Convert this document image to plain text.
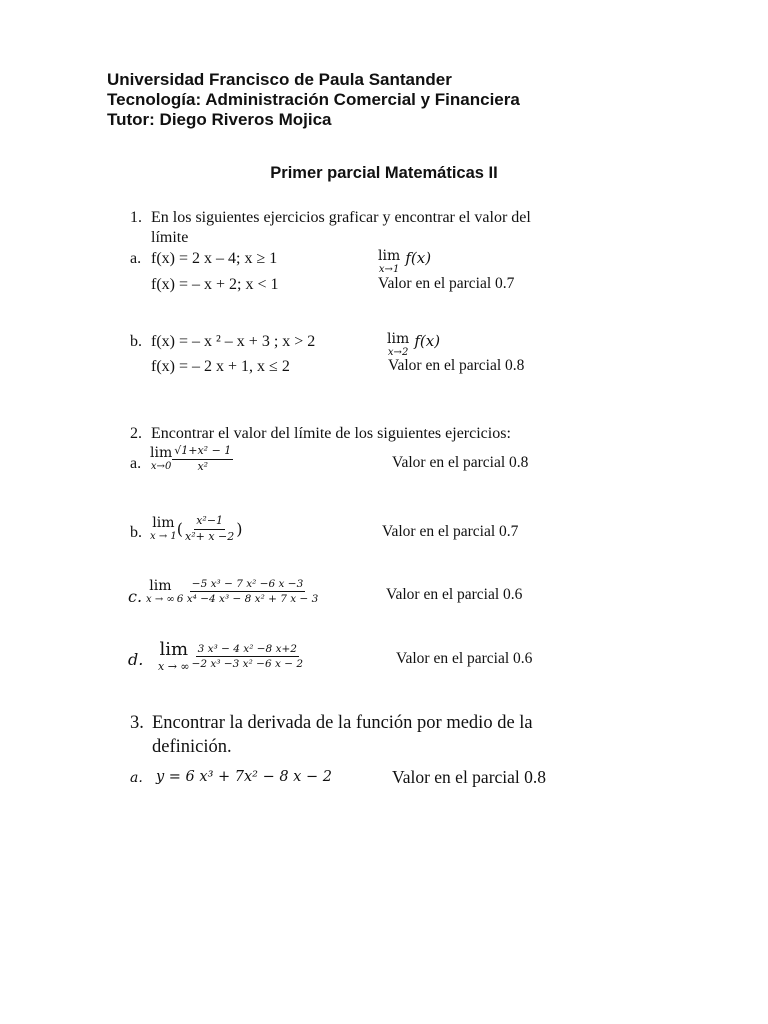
Universidad Francisco de Paula Santander
Tecnología: Administración Comercial y Financiera
Tutor: Diego Riveros Mojica
Primer parcial Matemáticas II
1. En los siguientes ejercicios graficar y encontrar el valor del
límite
a. f(x) = 2 x – 4; x ≥ 1
f(x) = – x + 2; x < 1
lim
x→1
f(x)
Valor en el parcial 0.7
b. f(x) = – x ² – x + 3 ; x > 2
f(x) = – 2 x + 1, x ≤ 2
lim
x→2
f(x)
Valor en el parcial 0.8
2. Encontrar el valor del límite de los siguientes ejercicios:
a.
lim
$x\to 0 \frac{\text{√1+x² − 1}}{\text{x²}}$	Valor en el parcial 0.8
b.
lim
x → 1 ( $\frac{\text{x²−1}}{\text{x²+ x −2}}$ )	Valor en el parcial 0.7
c.
lim
x → ∞ $\frac{\text{−5 x³ − 7 x² −6 x −3}}{\text{6 x⁴ −4 x³ − 8 x² + 7 x − 3}}$	Valor en el parcial 0.6
d. lim
x → ∞ $\frac{\text{3 x³ − 4 x² −8 x+2}}{\text{−2 x³ −3 x² −6 x − 2}}$	Valor en el parcial 0.6
3. Encontrar la derivada de la función por medio de la
definición.
a. y = 6 x³ + 7x² − 8 x − 2	Valor en el parcial 0.8
